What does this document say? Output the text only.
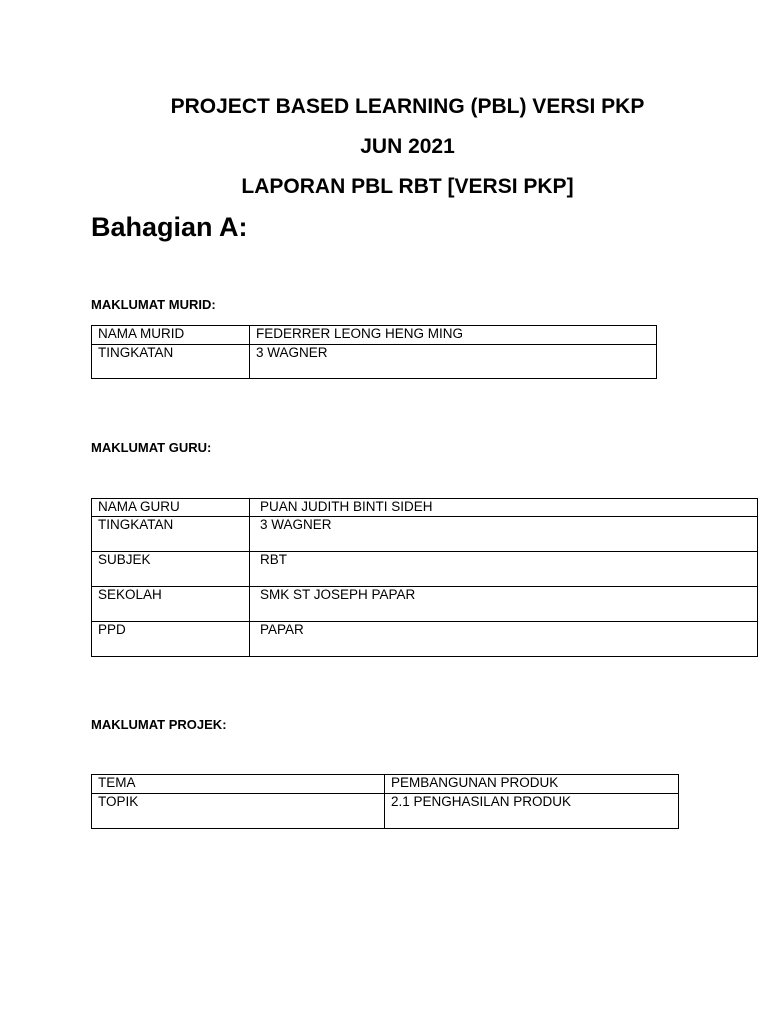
PROJECT BASED LEARNING (PBL) VERSI PKP
JUN 2021
LAPORAN PBL RBT [VERSI PKP]
Bahagian A:
MAKLUMAT MURID:
NAMA MURID	FEDERRER LEONG HENG MING
TINGKATAN	3 WAGNER
MAKLUMAT GURU:
NAMA GURU	PUAN JUDITH BINTI SIDEH
TINGKATAN	3 WAGNER
SUBJEK	RBT
SEKOLAH	SMK ST JOSEPH PAPAR
PPD	PAPAR
MAKLUMAT PROJEK:
TEMA	PEMBANGUNAN PRODUK
TOPIK	2.1 PENGHASILAN PRODUK
